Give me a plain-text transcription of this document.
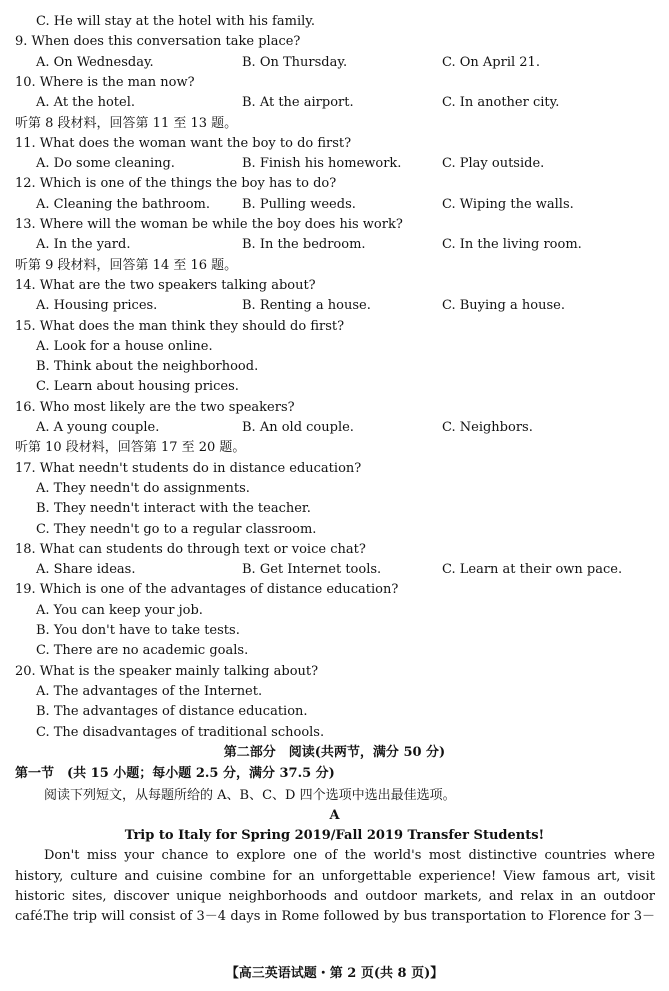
C. He will stay at the hotel with his family.
9. When does this conversation take place?
A. On Wednesday.	B. On Thursday.	C. On April 21.
10. Where is the man now?
A. At the hotel.	B. At the airport.	C. In another city.
听第 8 段材料，回答第 11 至 13 题。
11. What does the woman want the boy to do first?
A. Do some cleaning.	B. Finish his homework.	C. Play outside.
12. Which is one of the things the boy has to do?
A. Cleaning the bathroom. B. Pulling weeds.	C. Wiping the walls.
13. Where will the woman be while the boy does his work?
A. In the yard.	B. In the bedroom.	C. In the living room.
听第 9 段材料，回答第 14 至 16 题。
14. What are the two speakers talking about?
A. Housing prices.	B. Renting a house.	C. Buying a house.
15. What does the man think they should do first?
A. Look for a house online.
B. Think about the neighborhood.
C. Learn about housing prices.
16. Who most likely are the two speakers?
A. A young couple.	B. An old couple.	C. Neighbors.
听第 10 段材料，回答第 17 至 20 题。
17. What needn't students do in distance education?
A. They needn't do assignments.
B. They needn't interact with the teacher.
C. They needn't go to a regular classroom.
18. What can students do through text or voice chat?
A. Share ideas.	B. Get Internet tools.	C. Learn at their own pace.
19. Which is one of the advantages of distance education?
A. You can keep your job.
B. You don't have to take tests.
C. There are no academic goals.
20. What is the speaker mainly talking about?
A. The advantages of the Internet.
B. The advantages of distance education.
C. The disadvantages of traditional schools.
第二部分　阅读(共两节，满分 50 分)
第一节　(共 15 小题；每小题 2.5 分，满分 37.5 分)
阅读下列短文，从每题所给的 A、B、C、D 四个选项中选出最佳选项。
A
Trip to Italy for Spring 2019/Fall 2019 Transfer Students!
Don't miss your chance to explore one of the world's most distinctive countries where
history, culture and cuisine combine for an unforgettable experience! View famous art, visit
historic sites, discover unique neighborhoods and outdoor markets, and relax in an outdoor café.
The trip will consist of 3－4 days in Rome followed by bus transportation to Florence for 3－
【高三英语试题・第 2 页(共 8 页)】
